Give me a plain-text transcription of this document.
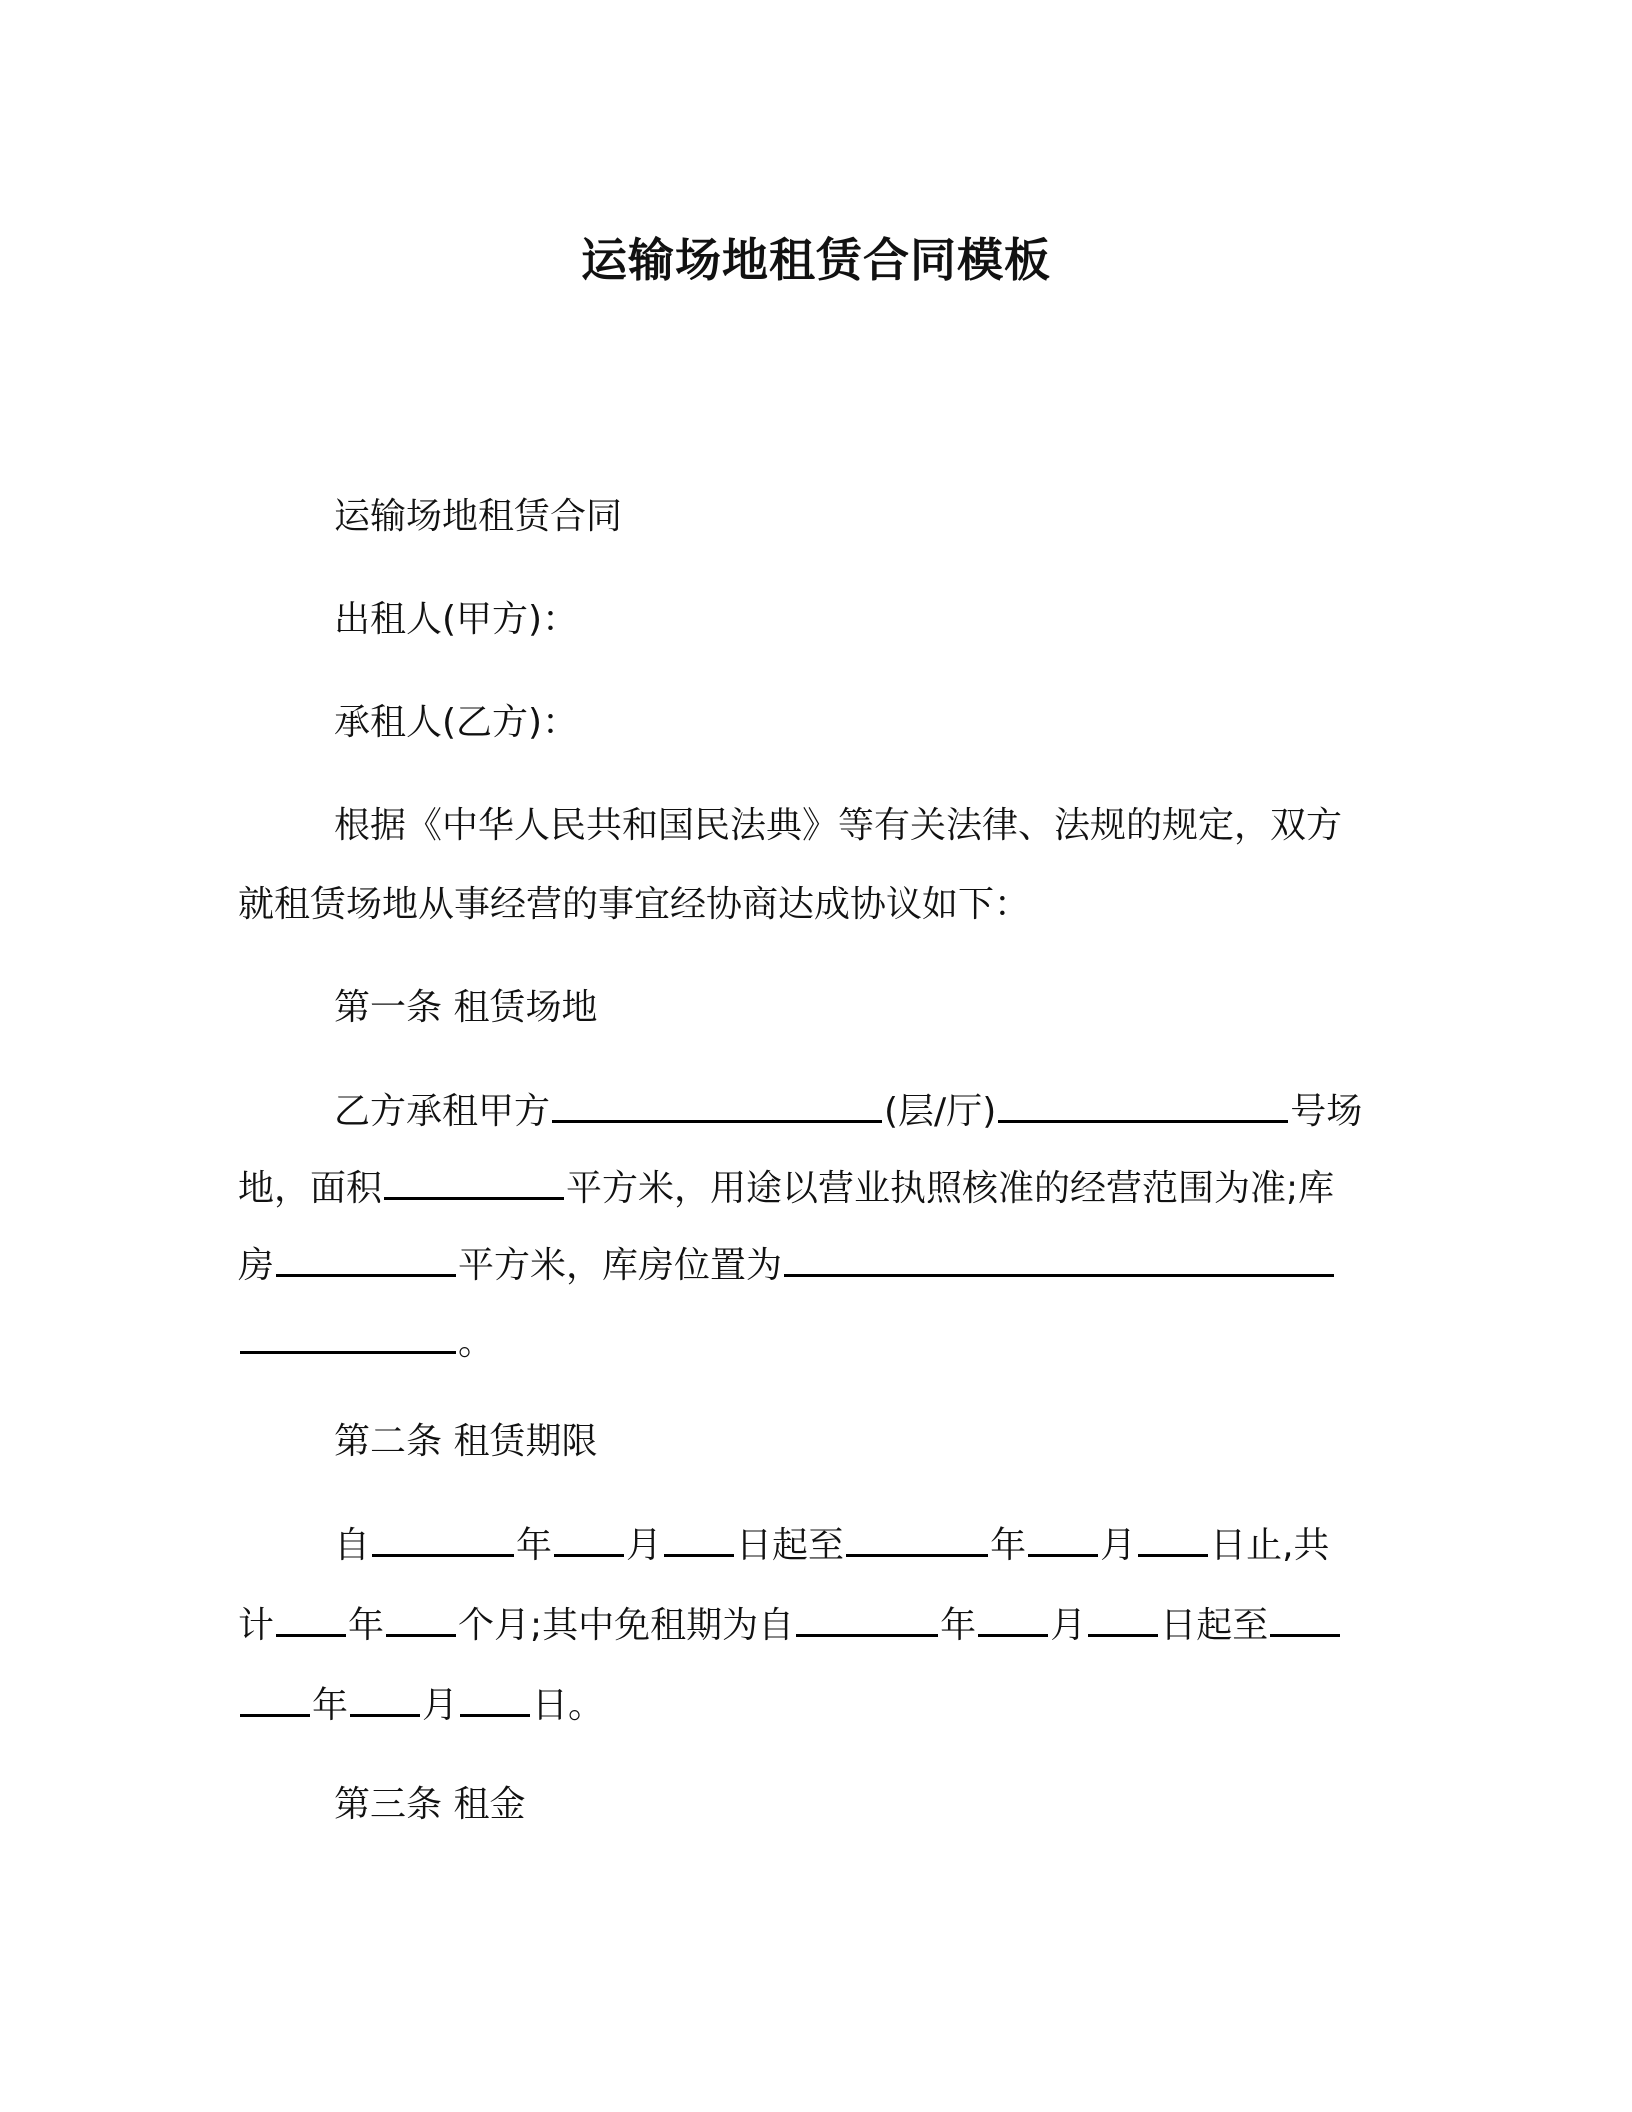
运输场地租赁合同模板
运输场地租赁合同
出租人(甲方)：
承租人(乙方)：
根据《中华人民共和国民法典》等有关法律、法规的规定，双方
就租赁场地从事经营的事宜经协商达成协议如下：
第一条 租赁场地
乙方承租甲方	(层/厅)	号场
地，面积	平方米，用途以营业执照核准的经营范围为准;库
房	平方米，库房位置为
。
第二条 租赁期限
自	年 月 日起至	年 月 日止,共
计 年 个月;其中免租期为自	年 月 日起至
年 月 日。
第三条 租金
